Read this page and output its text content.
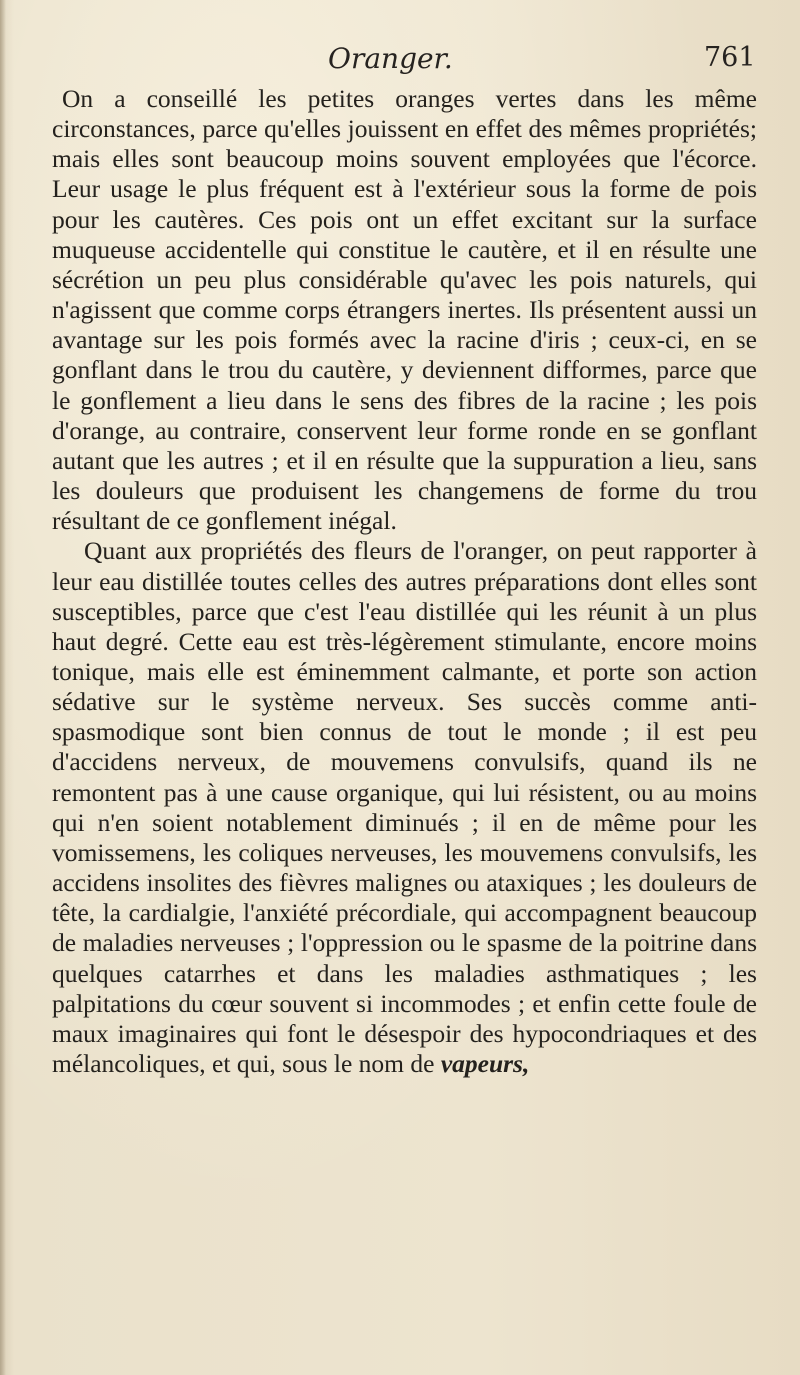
Oranger.	761

On a conseillé les petites oranges vertes dans les même circonstances, parce qu'elles jouissent en effet des mêmes propriétés; mais elles sont beaucoup moins souvent employées que l'écorce. Leur usage le plus fréquent est à l'extérieur sous la forme de pois pour les cautères. Ces pois ont un effet excitant sur la surface muqueuse accidentelle qui constitue le cautère, et il en résulte une sécrétion un peu plus considérable qu'avec les pois naturels, qui n'agissent que comme corps étrangers inertes. Ils présentent aussi un avantage sur les pois formés avec la racine d'iris ; ceux-ci, en se gonflant dans le trou du cautère, y deviennent difformes, parce que le gonflement a lieu dans le sens des fibres de la racine ; les pois d'orange, au contraire, conservent leur forme ronde en se gonflant autant que les autres ; et il en résulte que la suppuration a lieu, sans les douleurs que produisent les changemens de forme du trou résultant de ce gonflement inégal.

Quant aux propriétés des fleurs de l'oranger, on peut rapporter à leur eau distillée toutes celles des autres préparations dont elles sont susceptibles, parce que c'est l'eau distillée qui les réunit à un plus haut degré. Cette eau est très-légèrement stimulante, encore moins tonique, mais elle est éminemment calmante, et porte son action sédative sur le système nerveux. Ses succès comme anti-spasmodique sont bien connus de tout le monde ; il est peu d'accidens nerveux, de mouvemens convulsifs, quand ils ne remontent pas à une cause organique, qui lui résistent, ou au moins qui n'en soient notablement diminués ; il en de même pour les vomissemens, les coliques nerveuses, les mouvemens convulsifs, les accidens insolites des fièvres malignes ou ataxiques ; les douleurs de tête, la cardialgie, l'anxiété précordiale, qui accompagnent beaucoup de maladies nerveuses ; l'oppression ou le spasme de la poitrine dans quelques catarrhes et dans les maladies asthmatiques ; les palpitations du cœur souvent si incommodes ; et enfin cette foule de maux imaginaires qui font le désespoir des hypocondriaques et des mélancoliques, et qui, sous le nom de vapeurs,
